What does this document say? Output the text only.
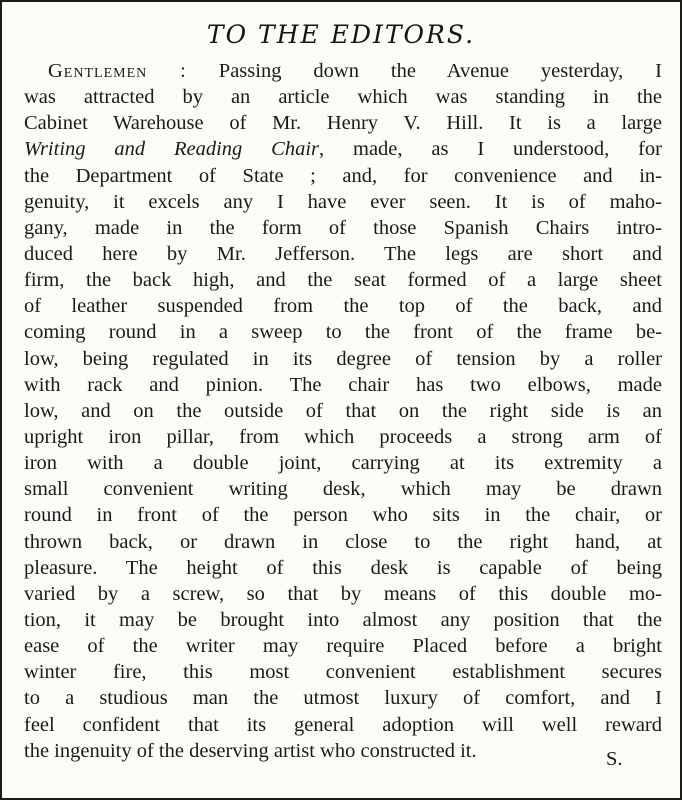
TO THE EDITORS.
Gentlemen : Passing down the Avenue yesterday, I
was attracted by an article which was standing in the
Cabinet Warehouse of Mr. Henry V. Hill. It is a large
Writing and Reading Chair, made, as I understood, for
the Department of State ; and, for convenience and in-
genuity, it excels any I have ever seen. It is of maho-
gany, made in the form of those Spanish Chairs intro-
duced here by Mr. Jefferson. The legs are short and
firm, the back high, and the seat formed of a large sheet
of leather suspended from the top of the back, and
coming round in a sweep to the front of the frame be-
low, being regulated in its degree of tension by a roller
with rack and pinion. The chair has two elbows, made
low, and on the outside of that on the right side is an
upright iron pillar, from which proceeds a strong arm of
iron with a double joint, carrying at its extremity a
small convenient writing desk, which may be drawn
round in front of the person who sits in the chair, or
thrown back, or drawn in close to the right hand, at
pleasure. The height of this desk is capable of being
varied by a screw, so that by means of this double mo-
tion, it may be brought into almost any position that the
ease of the writer may require Placed before a bright
winter fire, this most convenient establishment secures
to a studious man the utmost luxury of comfort, and I
feel confident that its general adoption will well reward
the ingenuity of the deserving artist who constructed it.	S.
